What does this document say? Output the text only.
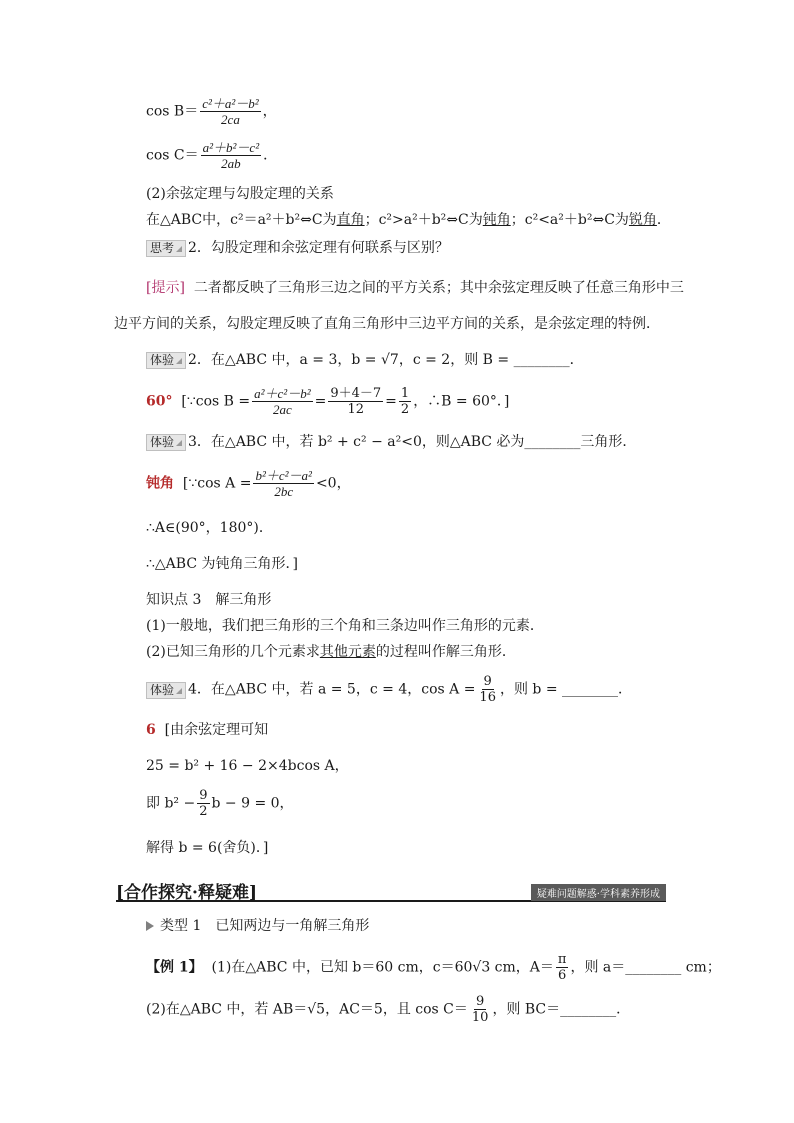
$\cos B= \frac{\text{c²＋a²－b²}}{2ca}$ ，
$\cos C= \frac{\text{a²＋b²－c²}}{2ab}$ ．
(2)余弦定理与勾股定理的关系
在△ABC中，c²＝a²＋b²⇔C为直角；c²>a²＋b²⇔C为钝角；c²<a²＋b²⇔C为锐角．
思考 2．勾股定理和余弦定理有何联系与区别？
[提示] 二者都反映了三角形三边之间的平方关系；其中余弦定理反映了任意三角形中三
边平方间的关系，勾股定理反映了直角三角形中三边平方间的关系，是余弦定理的特例．
体验 2．在△ABC 中，a = 3，b = √7，c = 2，则 B = ________．
60° [∵cos $B = \frac{\text{a²＋c²－b²}}{2ac} = \frac{9+4-7}{12} = \frac{1}{2}$ ，∴B = 60°．]
体验 3．在△ABC 中，若 b² + c² − a²<0，则△ABC 必为________三角形．
钝角 [∵cos $A = \frac{\text{b²＋c²－a²}}{2bc} <0$，
∴A∈(90°，180°)．
∴△ABC 为钝角三角形．]
知识点 3　解三角形
(1)一般地，我们把三角形的三个角和三条边叫作三角形的元素．
(2)已知三角形的几个元素求其他元素的过程叫作解三角形．
体验 4．在△ABC 中，若 a = 5，c = 4，$\cos A = \frac{9}{16}$ ，则 b = ________．
6 [由余弦定理可知
25 = b² + 16 − 2×4bcos A，
即 $b^2 - \frac{9}{2}$ b − 9 = 0，
解得 b = 6(舍负)．]
[合作探究·释疑难]	疑难问题解惑·学科素养形成
类型 1　已知两边与一角解三角形
【例 1】 (1)在△ABC 中，已知 b＝60 cm，c＝60√3 cm，$A= \frac{\pi}{6}$ ，则 a＝________ cm；
(2)在△ABC 中，若 AB＝√5，AC＝5，且 $\cos C= \frac{9}{10}$ ，则 BC＝________．
